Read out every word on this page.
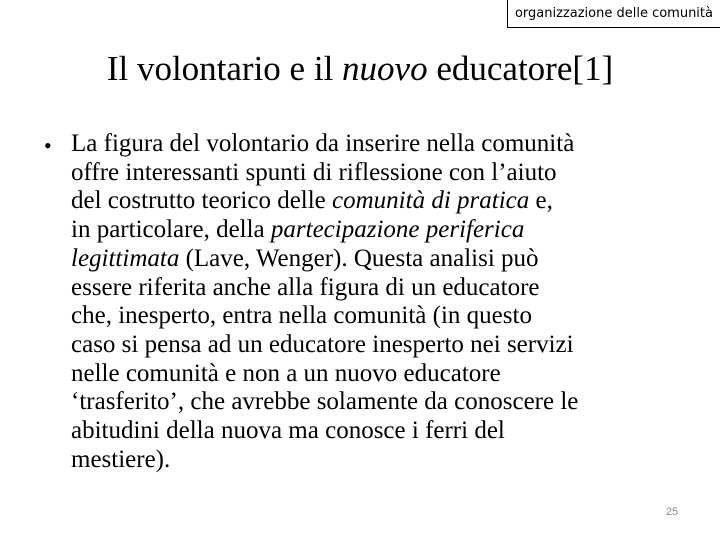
organizzazione delle comunità
Il volontario e il nuovo educatore[1]
• La figura del volontario da inserire nella comunità
offre interessanti spunti di riflessione con l’aiuto
del costrutto teorico delle comunità di pratica e,
in particolare, della partecipazione periferica
legittimata (Lave, Wenger). Questa analisi può
essere riferita anche alla figura di un educatore
che, inesperto, entra nella comunità (in questo
caso si pensa ad un educatore inesperto nei servizi
nelle comunità e non a un nuovo educatore
‘trasferito’, che avrebbe solamente da conoscere le
abitudini della nuova ma conosce i ferri del
mestiere).
25
